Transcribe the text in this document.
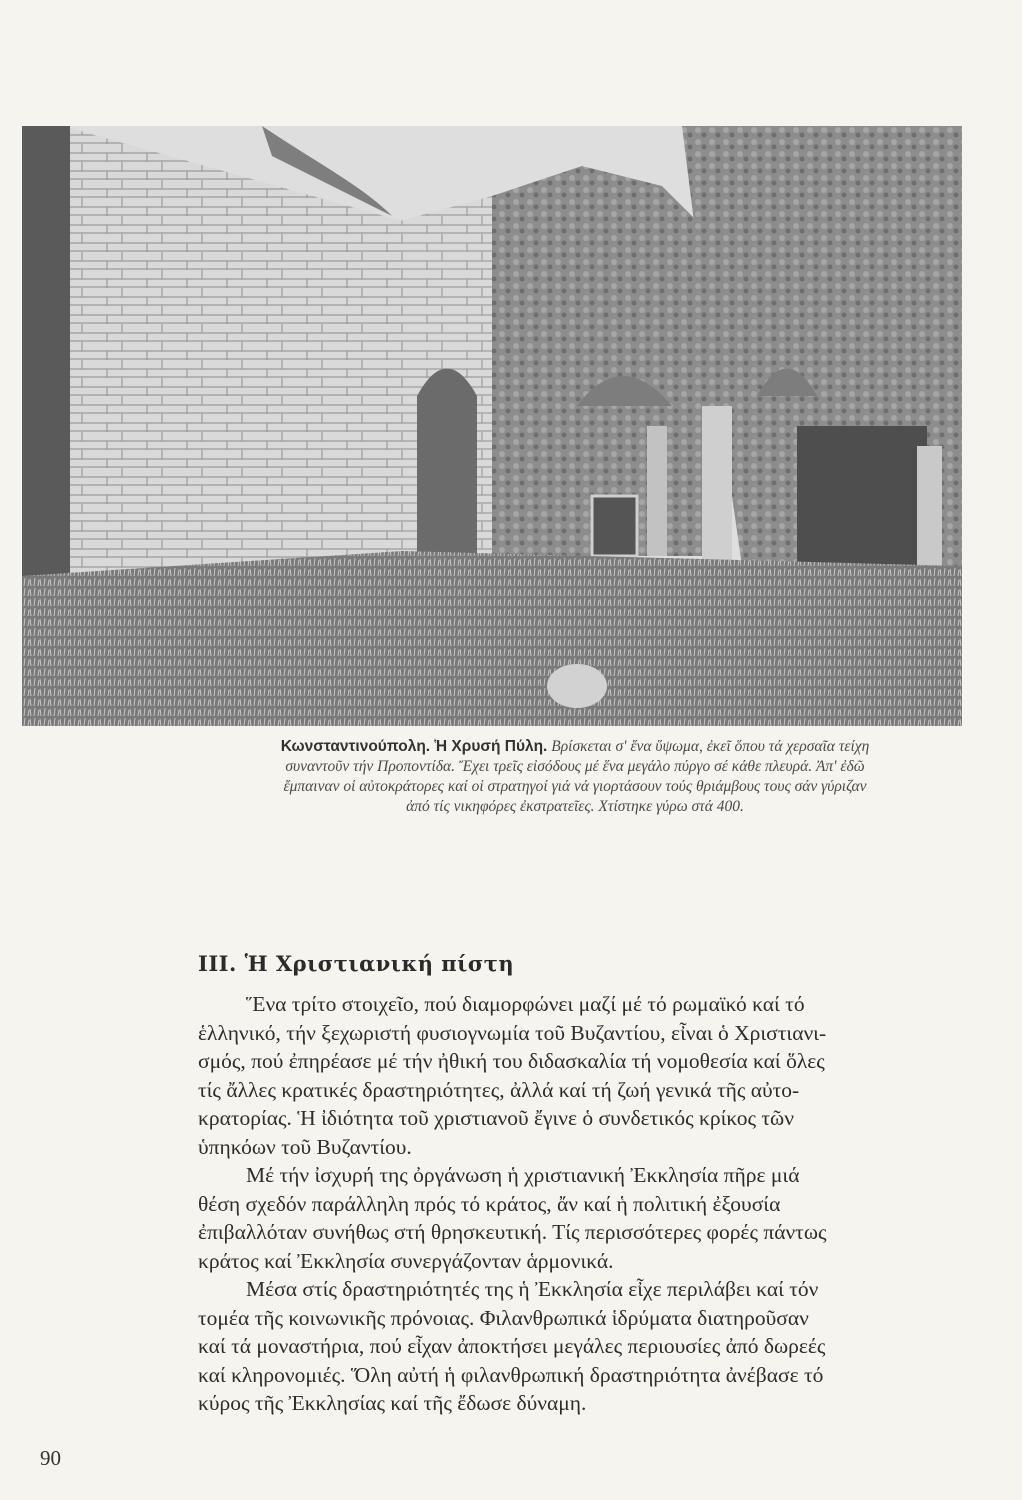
Κωνσταντινούπολη. Ἡ Χρυσή Πύλη. Βρίσκεται σ' ἕνα ὕψωμα, ἐκεῖ ὅπου τά χερσαῖα τείχη
συναντοῦν τήν Προποντίδα. Ἔχει τρεῖς εἰσόδους μέ ἕνα μεγάλο πύργο σέ κάθε πλευρά. Ἀπ' ἐδῶ
ἔμπαιναν οἱ αὐτοκράτορες καί οἱ στρατηγοί γιά νά γιορτάσουν τούς θριάμβους τους σάν γύριζαν
ἀπό τίς νικηφόρες ἐκστρατεῖες. Χτίστηκε γύρω στά 400.
III. Ἡ Χριστιανική πίστη

Ἕνα τρίτο στοιχεῖο, πού διαμορφώνει μαζί μέ τό ρωμαϊκό καί τό
ἑλληνικό, τήν ξεχωριστή φυσιογνωμία τοῦ Βυζαντίου, εἶναι ὁ Χριστιανι-
σμός, πού ἐπηρέασε μέ τήν ἠθική του διδασκαλία τή νομοθεσία καί ὅλες
τίς ἄλλες κρατικές δραστηριότητες, ἀλλά καί τή ζωή γενικά τῆς αὐτο-
κρατορίας. Ἡ ἰδιότητα τοῦ χριστιανοῦ ἔγινε ὁ συνδετικός κρίκος τῶν
ὑπηκόων τοῦ Βυζαντίου.

Μέ τήν ἰσχυρή της ὀργάνωση ἡ χριστιανική Ἐκκλησία πῆρε μιά
θέση σχεδόν παράλληλη πρός τό κράτος, ἄν καί ἡ πολιτική ἐξουσία
ἐπιβαλλόταν συνήθως στή θρησκευτική. Τίς περισσότερες φορές πάντως
κράτος καί Ἐκκλησία συνεργάζονταν ἁρμονικά.

Μέσα στίς δραστηριότητές της ἡ Ἐκκλησία εἶχε περιλάβει καί τόν
τομέα τῆς κοινωνικῆς πρόνοιας. Φιλανθρωπικά ἱδρύματα διατηροῦσαν
καί τά μοναστήρια, πού εἶχαν ἀποκτήσει μεγάλες περιουσίες ἀπό δωρεές
καί κληρονομιές. Ὅλη αὐτή ἡ φιλανθρωπική δραστηριότητα ἀνέβασε τό
κύρος τῆς Ἐκκλησίας καί τῆς ἔδωσε δύναμη.

90
